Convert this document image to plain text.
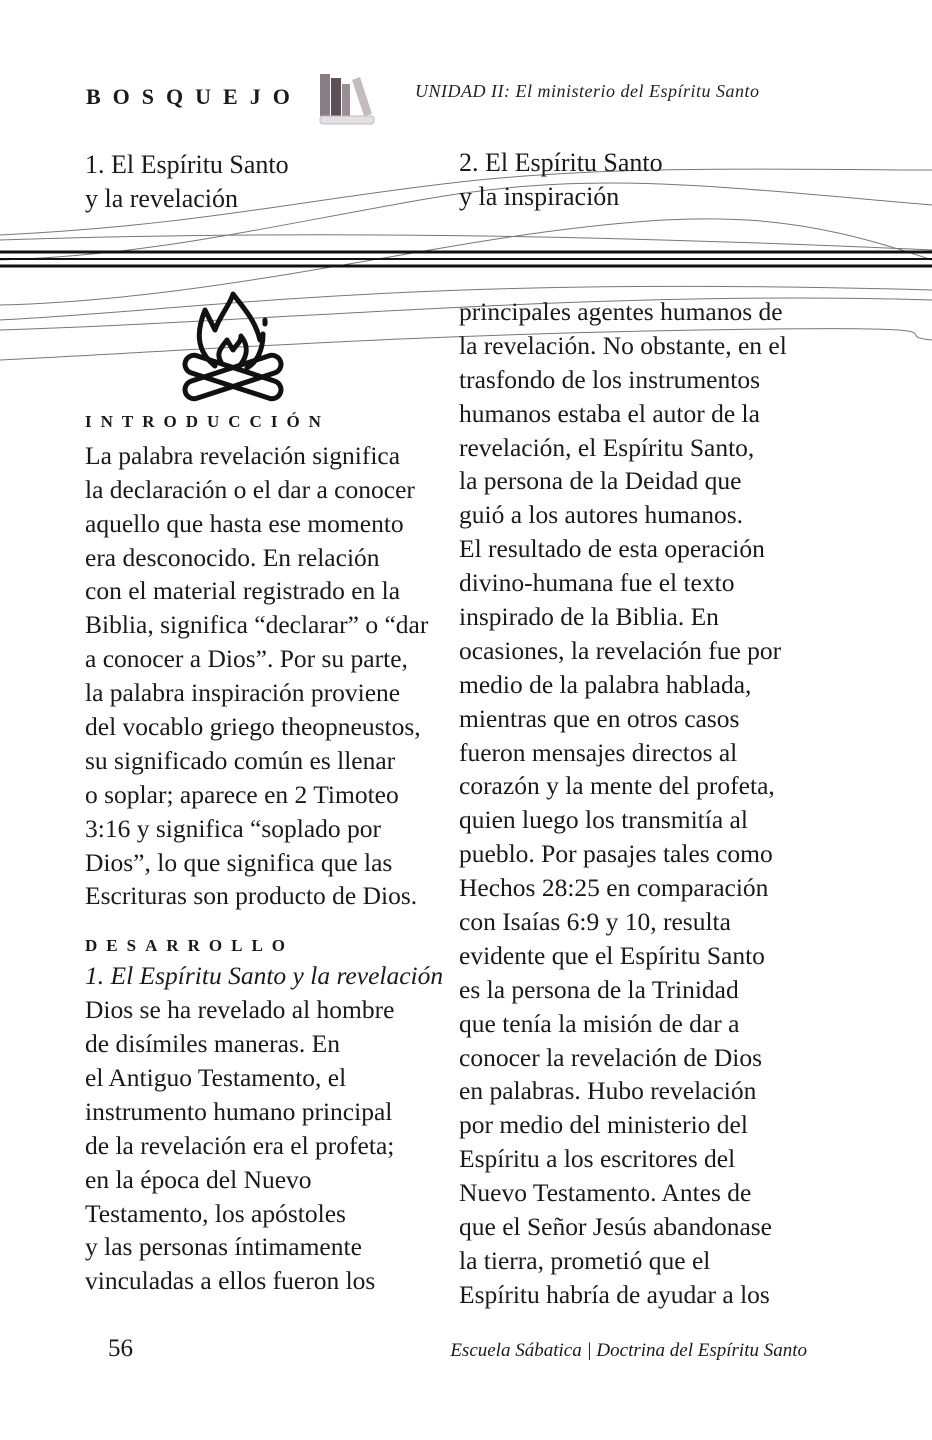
BOSQUEJO	UNIDAD II: El ministerio del Espíritu Santo
1. El Espíritu Santo
y la revelación
2. El Espíritu Santo
y la inspiración
INTRODUCCIÓN
La palabra revelación significa
la declaración o el dar a conocer
aquello que hasta ese momento
era desconocido. En relación
con el material registrado en la
Biblia, significa “declarar” o “dar
a conocer a Dios”. Por su parte,
la palabra inspiración proviene
del vocablo griego theopneustos,
su significado común es llenar
o soplar; aparece en 2 Timoteo
3:16 y significa “soplado por
Dios”, lo que significa que las
Escrituras son producto de Dios.
DESARROLLO
1. El Espíritu Santo y la revelación
Dios se ha revelado al hombre
de disímiles maneras. En
el Antiguo Testamento, el
instrumento humano principal
de la revelación era el profeta;
en la época del Nuevo
Testamento, los apóstoles
y las personas íntimamente
vinculadas a ellos fueron los
principales agentes humanos de
la revelación. No obstante, en el
trasfondo de los instrumentos
humanos estaba el autor de la
revelación, el Espíritu Santo,
la persona de la Deidad que
guió a los autores humanos.
El resultado de esta operación
divino-humana fue el texto
inspirado de la Biblia. En
ocasiones, la revelación fue por
medio de la palabra hablada,
mientras que en otros casos
fueron mensajes directos al
corazón y la mente del profeta,
quien luego los transmitía al
pueblo. Por pasajes tales como
Hechos 28:25 en comparación
con Isaías 6:9 y 10, resulta
evidente que el Espíritu Santo
es la persona de la Trinidad
que tenía la misión de dar a
conocer la revelación de Dios
en palabras. Hubo revelación
por medio del ministerio del
Espíritu a los escritores del
Nuevo Testamento. Antes de
que el Señor Jesús abandonase
la tierra, prometió que el
Espíritu habría de ayudar a los
56	Escuela Sábatica | Doctrina del Espíritu Santo
